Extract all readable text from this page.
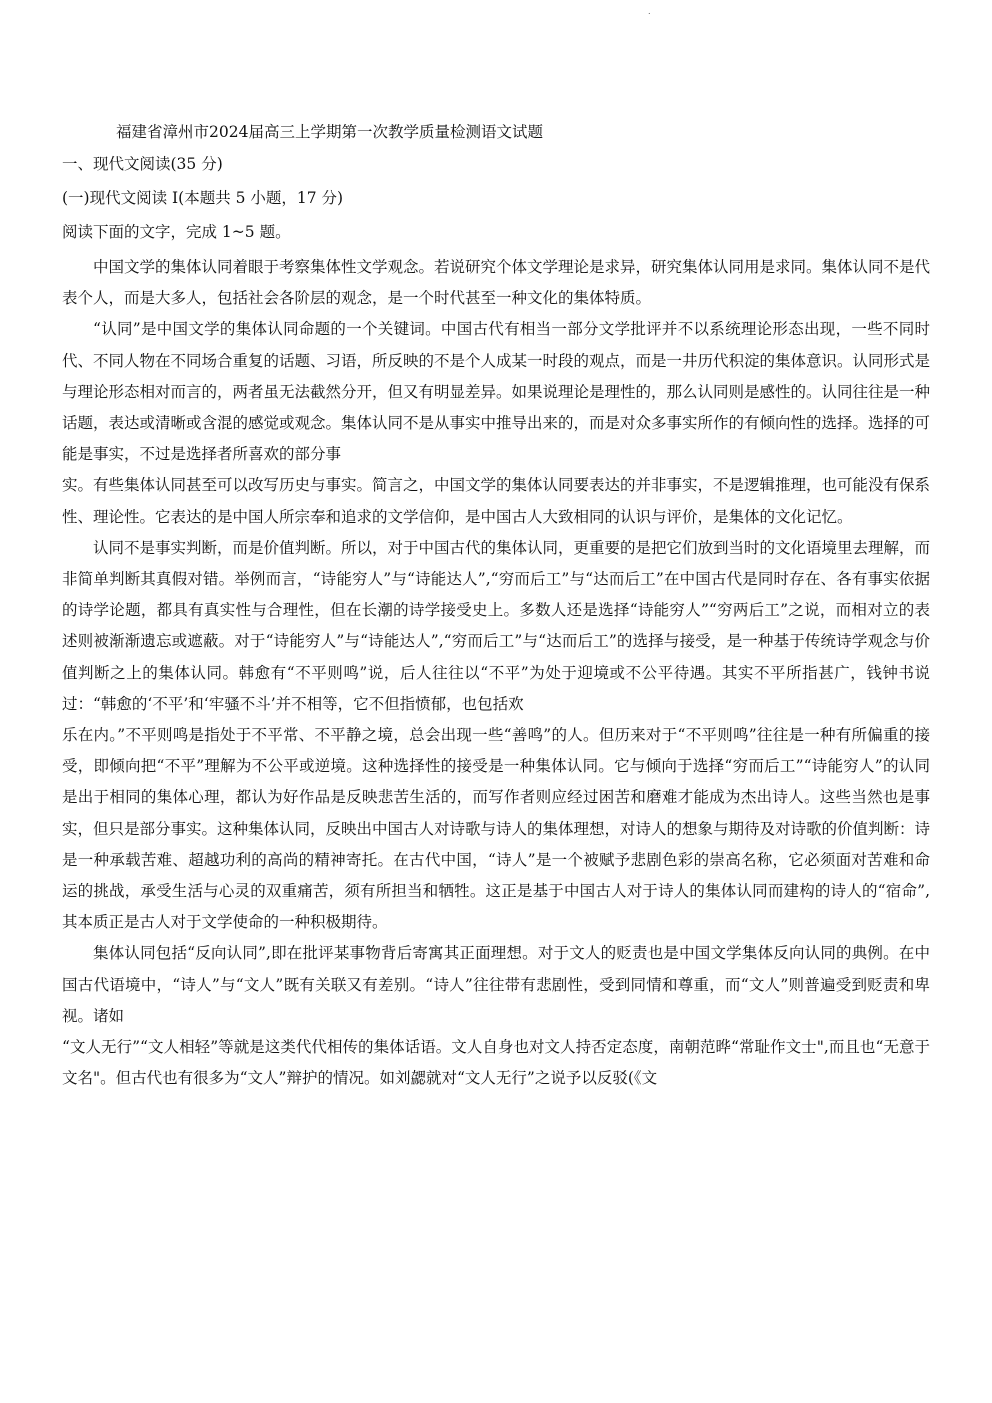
.
福建省漳州市2024届高三上学期第一次教学质量检测语文试题
一、现代文阅读(35 分)
(一)现代文阅读 I(本题共 5 小题，17 分)
阅读下面的文字，完成 1~5 题。

中国文学的集体认同着眼于考察集体性文学观念。若说研究个体文学理论是求异，研究集体认同用是求同。集体认同不是代表个人，而是大多人，包括社会各阶层的观念，是一个时代甚至一种文化的集体特质。

“认同”是中国文学的集体认同命题的一个关键词。中国古代有相当一部分文学批评并不以系统理论形态出现，一些不同时代、不同人物在不同场合重复的话题、习语，所反映的不是个人成某一时段的观点，而是一井历代积淀的集体意识。认同形式是与理论形态相对而言的，两者虽无法截然分开，但又有明显差异。如果说理论是理性的，那么认同则是感性的。认同往往是一种话题，表达或清晰或含混的感觉或观念。集体认同不是从事实中推导出来的，而是对众多事实所作的有倾向性的选择。选择的可能是事实，不过是选择者所喜欢的部分事

实。有些集体认同甚至可以改写历史与事实。简言之，中国文学的集体认同要表达的并非事实，不是逻辑推理，也可能没有保系性、理论性。它表达的是中国人所宗奉和追求的文学信仰，是中国古人大致相同的认识与评价，是集体的文化记忆。

认同不是事实判断，而是价值判断。所以，对于中国古代的集体认同，更重要的是把它们放到当时的文化语境里去理解，而非简单判断其真假对错。举例而言，“诗能穷人”与“诗能达人”,“穷而后工”与“达而后工”在中国古代是同时存在、各有事实依据的诗学论题，都具有真实性与合理性，但在长潮的诗学接受史上。多数人还是选择“诗能穷人”“穷两后工”之说，而相对立的表述则被渐渐遗忘或遮蔽。对于“诗能穷人”与“诗能达人”,“穷而后工”与“达而后工”的选择与接受，是一种基于传统诗学观念与价值判断之上的集体认同。韩愈有“不平则鸣”说，后人往往以“不平”为处于迎境或不公平待遇。其实不平所指甚广，钱钟书说过：“韩愈的‘不平’和‘牢骚不斗’并不相等，它不但指愤郁，也包括欢

乐在内。”不平则鸣是指处于不平常、不平静之境，总会出现一些“善鸣”的人。但历来对于“不平则鸣”往往是一种有所偏重的接受，即倾向把“不平”理解为不公平或逆境。这种选择性的接受是一种集体认同。它与倾向于选择“穷而后工”“诗能穷人”的认同是出于相同的集体心理，都认为好作品是反映悲苦生活的，而写作者则应经过困苦和磨难才能成为杰出诗人。这些当然也是事实，但只是部分事实。这种集体认同，反映出中国古人对诗歌与诗人的集体理想，对诗人的想象与期待及对诗歌的价值判断：诗是一种承载苦难、超越功利的高尚的精神寄托。在古代中国，“诗人”是一个被赋予悲剧色彩的崇高名称，它必须面对苦难和命运的挑战，承受生活与心灵的双重痛苦，须有所担当和牺牲。这正是基于中国古人对于诗人的集体认同而建构的诗人的“宿命”,其本质正是古人对于文学使命的一种积极期待。

集体认同包括“反向认同”,即在批评某事物背后寄寓其正面理想。对于文人的贬责也是中国文学集体反向认同的典例。在中国古代语境中，“诗人”与“文人”既有关联又有差别。“诗人”往往带有悲剧性，受到同情和尊重，而“文人”则普遍受到贬责和卑视。诸如

“文人无行”“文人相轻”等就是这类代代相传的集体话语。文人自身也对文人持否定态度，南朝范晔“常耻作文士",而且也“无意于文名"。但古代也有很多为“文人”辩护的情况。如刘勰就对“文人无行”之说予以反驳(《文
